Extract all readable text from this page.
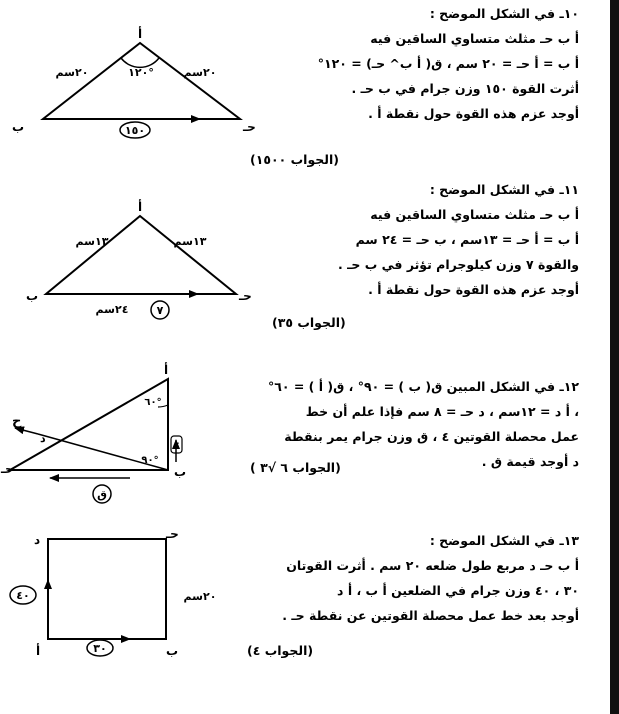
١٠ـ في الشكل الموضح :
أ ب حـ مثلث متساوي الساقين فيه
أ ب = أ حـ = ٢٠ سم ، ق( أ ب^ حـ) = ١٢٠°
أثرت القوة ١٥٠ وزن جرام في ب حـ .
أوجد عزم هذه القوة حول نقطة أ .
(الجواب ١٥٠٠)
١١ـ في الشكل الموضح :
أ ب حـ مثلث متساوي الساقين فيه
أ ب = أ حـ = ١٣سم ، ب حـ = ٢٤ سم
والقوة ٧ وزن كيلوجرام تؤثر في ب حـ .
أوجد عزم هذه القوة حول نقطة أ .
(الجواب ٣٥)
١٢ـ في الشكل المبين ق( ب ) = ٩٠° ، ق( أ ) = ٦٠°
، أ د = ١٢سم ، د حـ = ٨ سم فإذا علم أن خط
عمل محصلة القوتين ٤ ، ق وزن جرام يمر بنقطة
د أوجد قيمة ق .
(الجواب ٦ √٣ )
١٣ـ في الشكل الموضح :
أ ب حـ د مربع طول ضلعه ٢٠ سم . أثرت القوتان
٣٠ ، ٤٠ وزن جرام في الضلعين أ ب ، أ د
أوجد بعد خط عمل محصلة القوتين عن نقطة حـ .
(الجواب ٤)
أ
ب	حـ
٢٠سم	٢٠سم
١٢٠°
١٥٠
أ
ب	حـ
١٣سم	١٣سم
٢٤سم	٧
أ
ب
حـ
د
ح
٦٠°
٩٠°
٤
ق
أ	ب
حـ
د
٢٠سم
٣٠
٤٠
